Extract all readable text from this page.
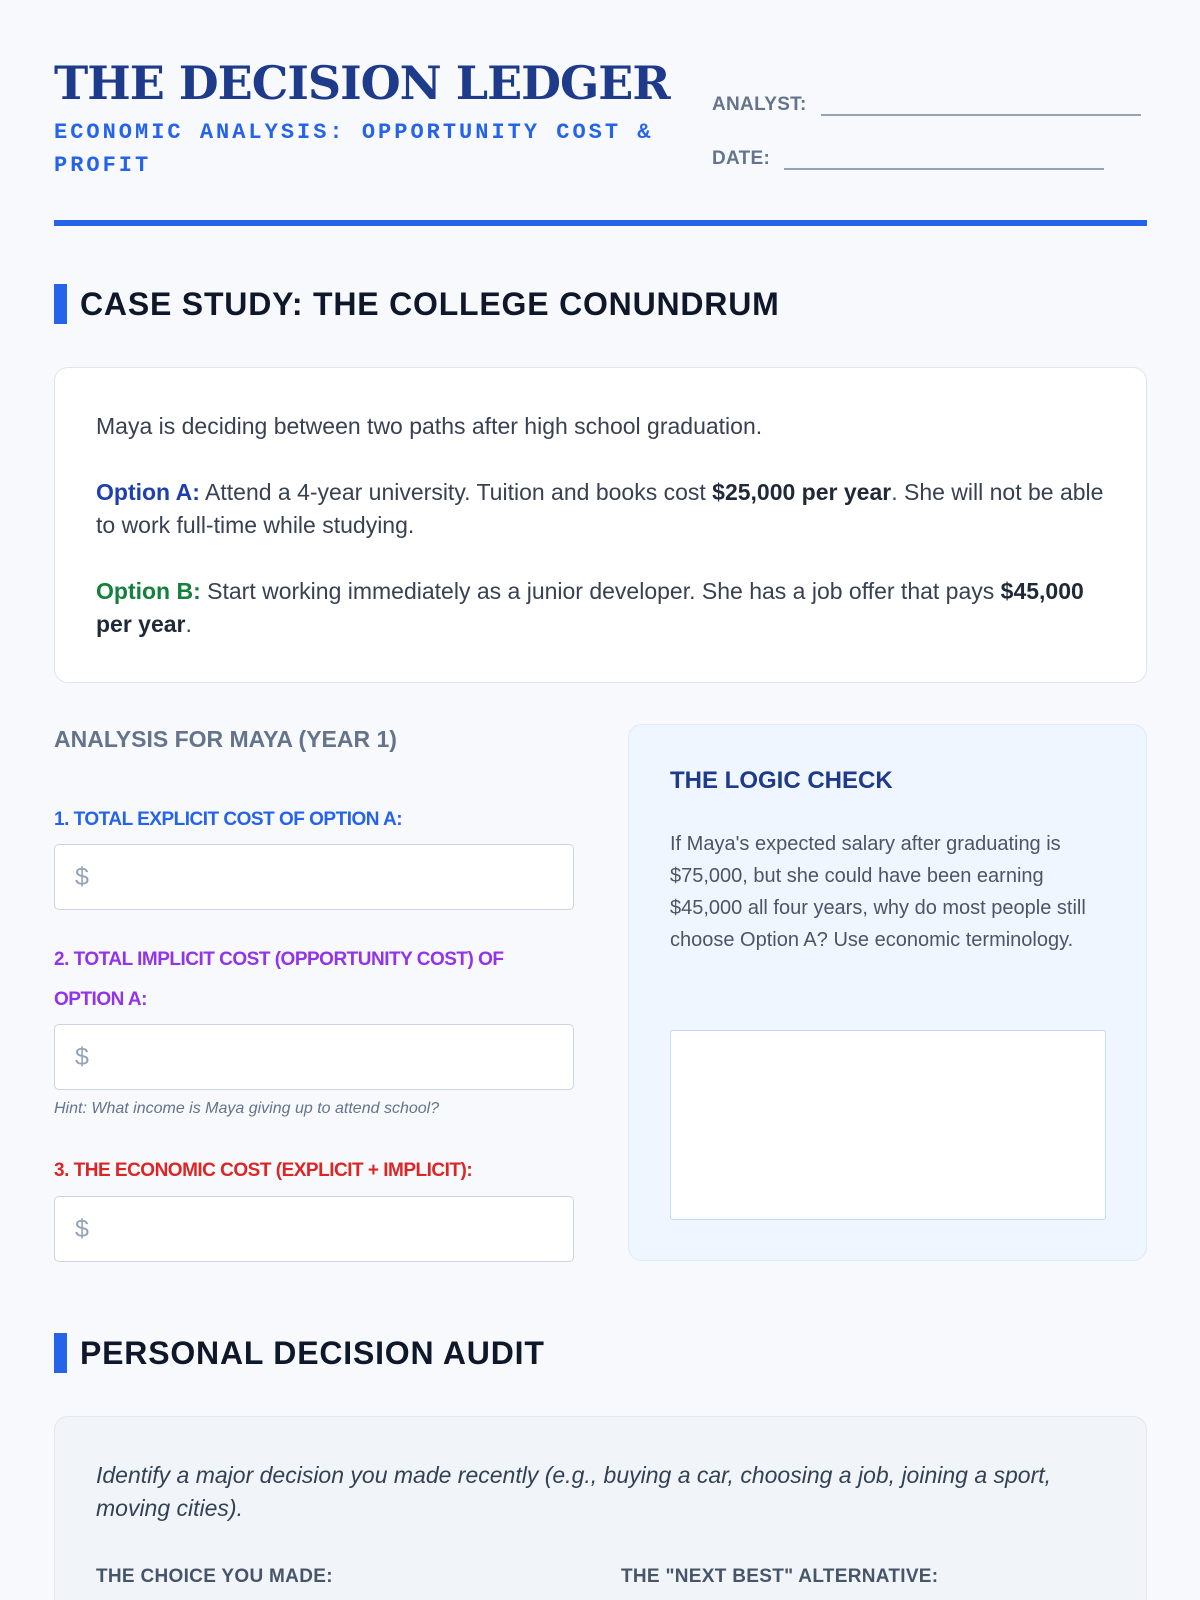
THE DECISION LEDGER
ECONOMIC ANALYSIS: OPPORTUNITY COST & PROFIT
ANALYST:
DATE:
CASE STUDY: THE COLLEGE CONUNDRUM

Maya is deciding between two paths after high school graduation.

Option A: Attend a 4-year university. Tuition and books cost $25,000 per year. She will not be able to work full-time while studying.

Option B: Start working immediately as a junior developer. She has a job offer that pays $45,000 per year.

ANALYSIS FOR MAYA (YEAR 1)
1. TOTAL EXPLICIT COST OF OPTION A:
$
2. TOTAL IMPLICIT COST (OPPORTUNITY COST) OF OPTION A:
$
Hint: What income is Maya giving up to attend school?
3. THE ECONOMIC COST (EXPLICIT + IMPLICIT):
$
THE LOGIC CHECK
If Maya's expected salary after graduating is $75,000, but she could have been earning $45,000 all four years, why do most people still choose Option A? Use economic terminology.
PERSONAL DECISION AUDIT
Identify a major decision you made recently (e.g., buying a car, choosing a job, joining a sport, moving cities).
THE CHOICE YOU MADE:	THE "NEXT BEST" ALTERNATIVE:
